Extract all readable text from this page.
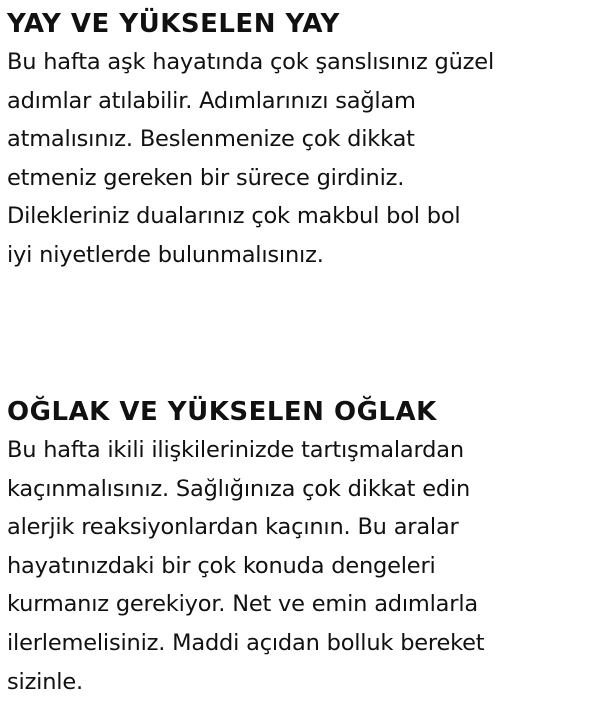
YAY VE YÜKSELEN YAY

Bu hafta aşk hayatında çok şanslısınız güzel
adımlar atılabilir. Adımlarınızı sağlam
atmalısınız. Beslenmenize çok dikkat
etmeniz gereken bir sürece girdiniz.
Dilekleriniz dualarınız çok makbul bol bol
iyi niyetlerde bulunmalısınız.

OĞLAK VE YÜKSELEN OĞLAK

Bu hafta ikili ilişkilerinizde tartışmalardan
kaçınmalısınız. Sağlığınıza çok dikkat edin
alerjik reaksiyonlardan kaçının. Bu aralar
hayatınızdaki bir çok konuda dengeleri
kurmanız gerekiyor. Net ve emin adımlarla
ilerlemelisiniz. Maddi açıdan bolluk bereket
sizinle.
